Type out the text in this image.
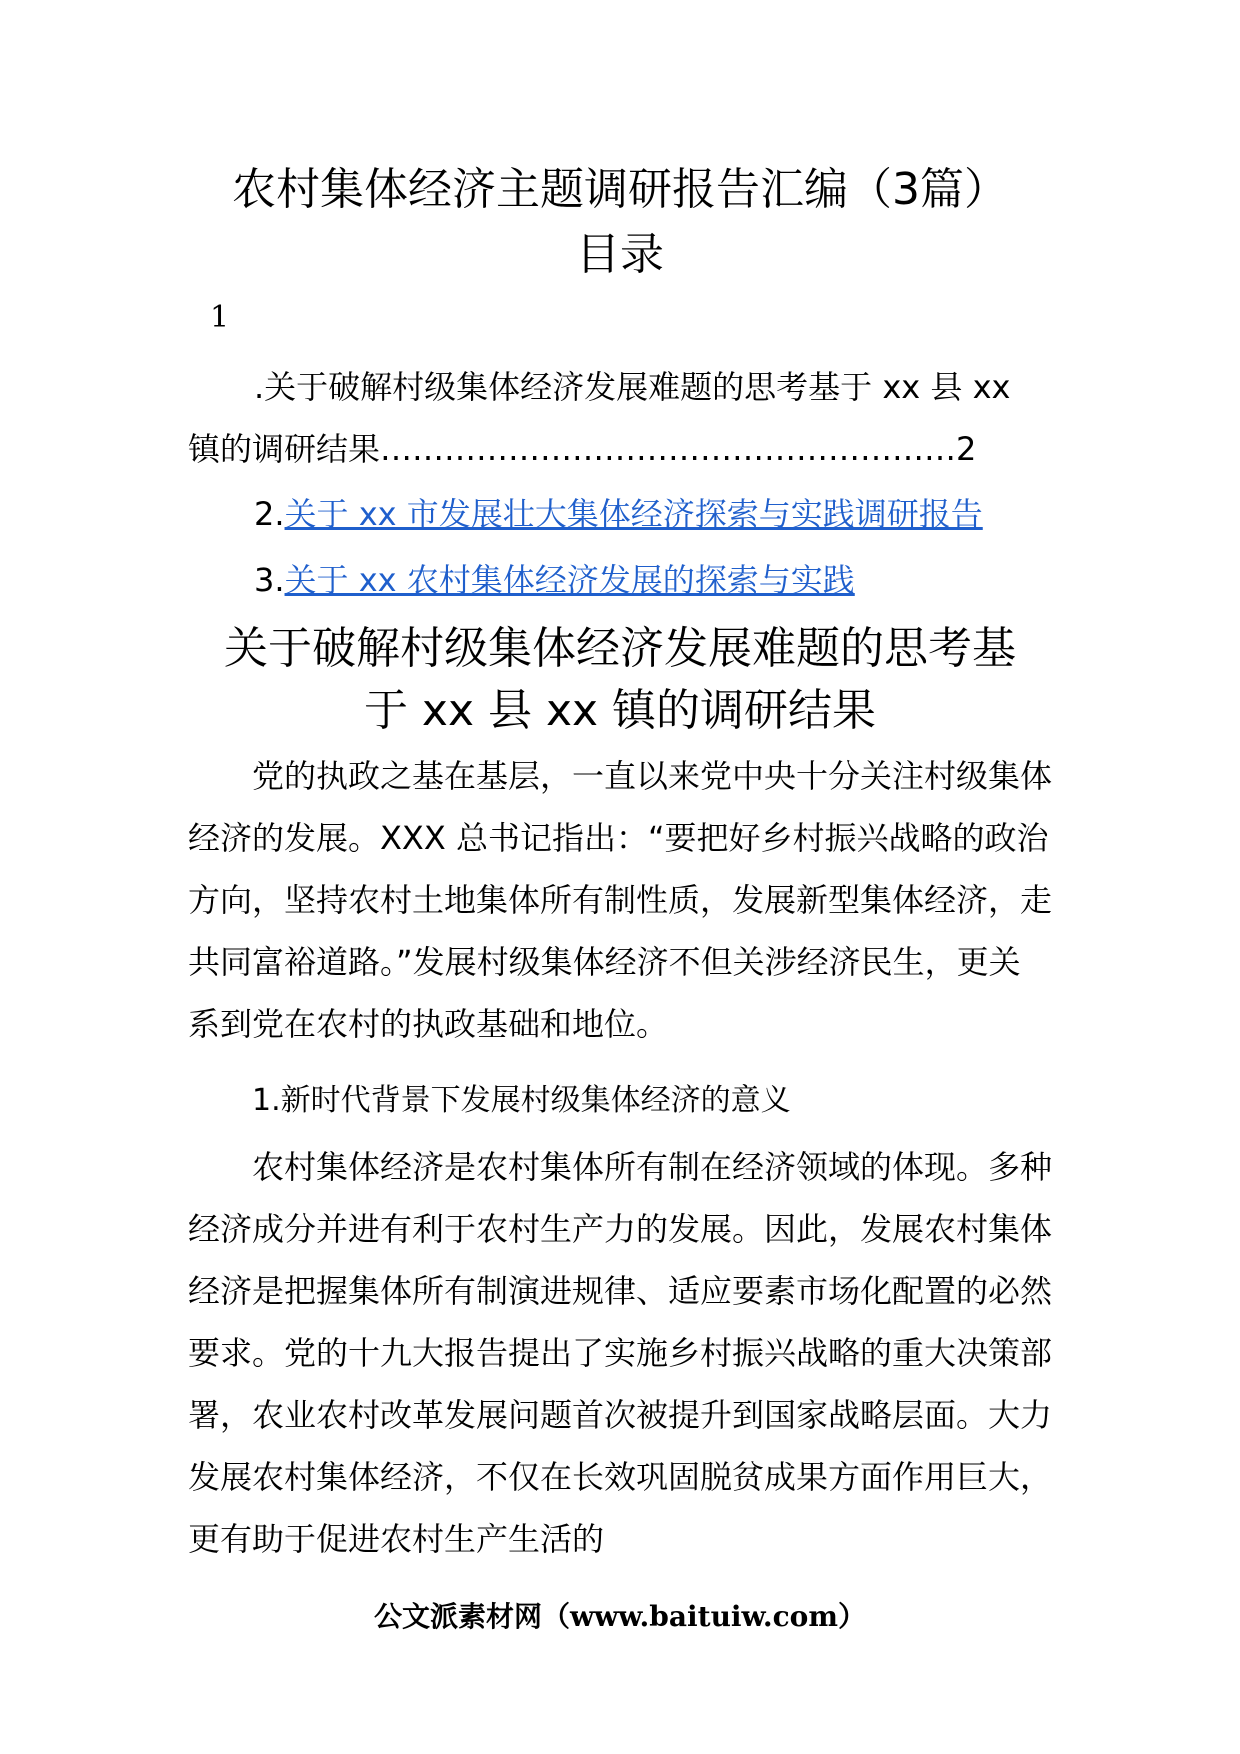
农村集体经济主题调研报告汇编（3篇）
目录
1
.关于破解村级集体经济发展难题的思考基于 xx 县 xx 镇的调研结果………………………………………………2
2.关于 xx 市发展壮大集体经济探索与实践调研报告
3.关于 xx 农村集体经济发展的探索与实践
关于破解村级集体经济发展难题的思考基
于 xx 县 xx 镇的调研结果

党的执政之基在基层，一直以来党中央十分关注村级集体经济的发展。XXX 总书记指出：“要把好乡村振兴战略的政治方向，坚持农村土地集体所有制性质，发展新型集体经济，走共同富裕道路。”发展村级集体经济不但关涉经济民生，更关系到党在农村的执政基础和地位。

1.新时代背景下发展村级集体经济的意义

农村集体经济是农村集体所有制在经济领域的体现。多种经济成分并进有利于农村生产力的发展。因此，发展农村集体经济是把握集体所有制演进规律、适应要素市场化配置的必然要求。党的十九大报告提出了实施乡村振兴战略的重大决策部署，农业农村改革发展问题首次被提升到国家战略层面。大力发展农村集体经济，不仅在长效巩固脱贫成果方面作用巨大，更有助于促进农村生产生活的

公文派素材网（www.baituiw.com）
